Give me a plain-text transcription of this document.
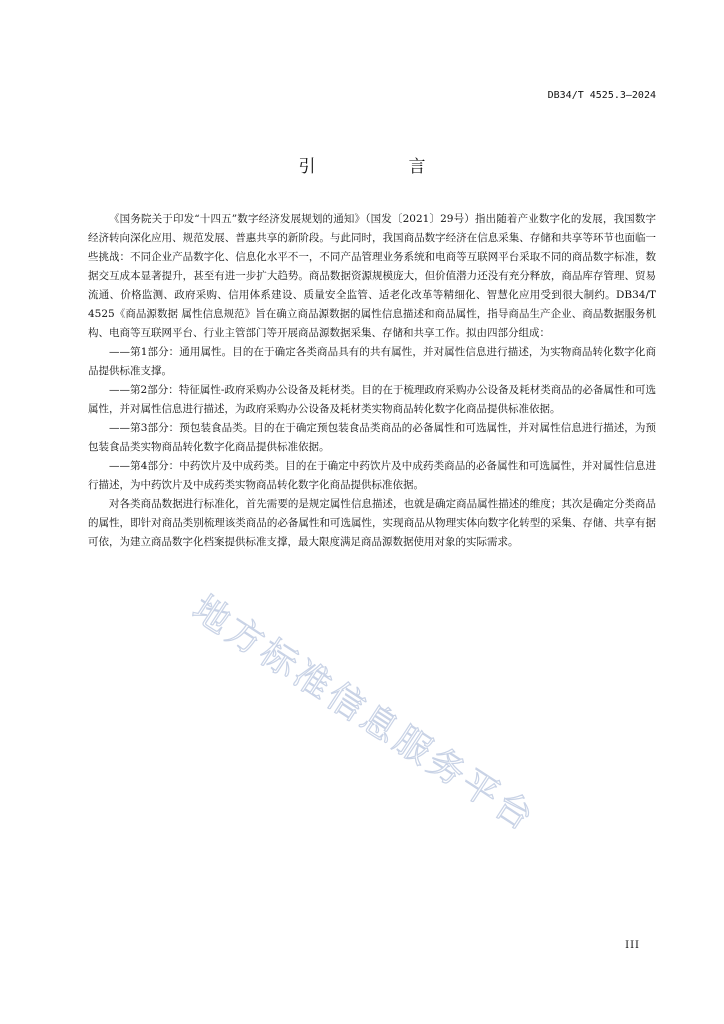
DB34/T 4525.3—2024
引　言

《国务院关于印发“十四五”数字经济发展规划的通知》（国发〔2021〕29号）指出随着产业数字化的发展，我国数字经济转向深化应用、规范发展、普惠共享的新阶段。与此同时，我国商品数字经济在信息采集、存储和共享等环节也面临一些挑战：不同企业产品数字化、信息化水平不一，不同产品管理业务系统和电商等互联网平台采取不同的商品数字标准，数据交互成本显著提升，甚至有进一步扩大趋势。商品数据资源规模庞大，但价值潜力还没有充分释放，商品库存管理、贸易流通、价格监测、政府采购、信用体系建设、质量安全监管、适老化改革等精细化、智慧化应用受到很大制约。DB34/T 4525《商品源数据 属性信息规范》旨在确立商品源数据的属性信息描述和商品属性，指导商品生产企业、商品数据服务机构、电商等互联网平台、行业主管部门等开展商品源数据采集、存储和共享工作。拟由四部分组成：

——第1部分：通用属性。目的在于确定各类商品具有的共有属性，并对属性信息进行描述，为实物商品转化数字化商品提供标准支撑。

——第2部分：特征属性-政府采购办公设备及耗材类。目的在于梳理政府采购办公设备及耗材类商品的必备属性和可选属性，并对属性信息进行描述，为政府采购办公设备及耗材类实物商品转化数字化商品提供标准依据。

——第3部分：预包装食品类。目的在于确定预包装食品类商品的必备属性和可选属性，并对属性信息进行描述，为预包装食品类实物商品转化数字化商品提供标准依据。

——第4部分：中药饮片及中成药类。目的在于确定中药饮片及中成药类商品的必备属性和可选属性，并对属性信息进行描述，为中药饮片及中成药类实物商品转化数字化商品提供标准依据。

对各类商品数据进行标准化，首先需要的是规定属性信息描述，也就是确定商品属性描述的维度；其次是确定分类商品的属性，即针对商品类别梳理该类商品的必备属性和可选属性，实现商品从物理实体向数字化转型的采集、存储、共享有据可依，为建立商品数字化档案提供标准支撑，最大限度满足商品源数据使用对象的实际需求。

地方标准信息服务平台
III
